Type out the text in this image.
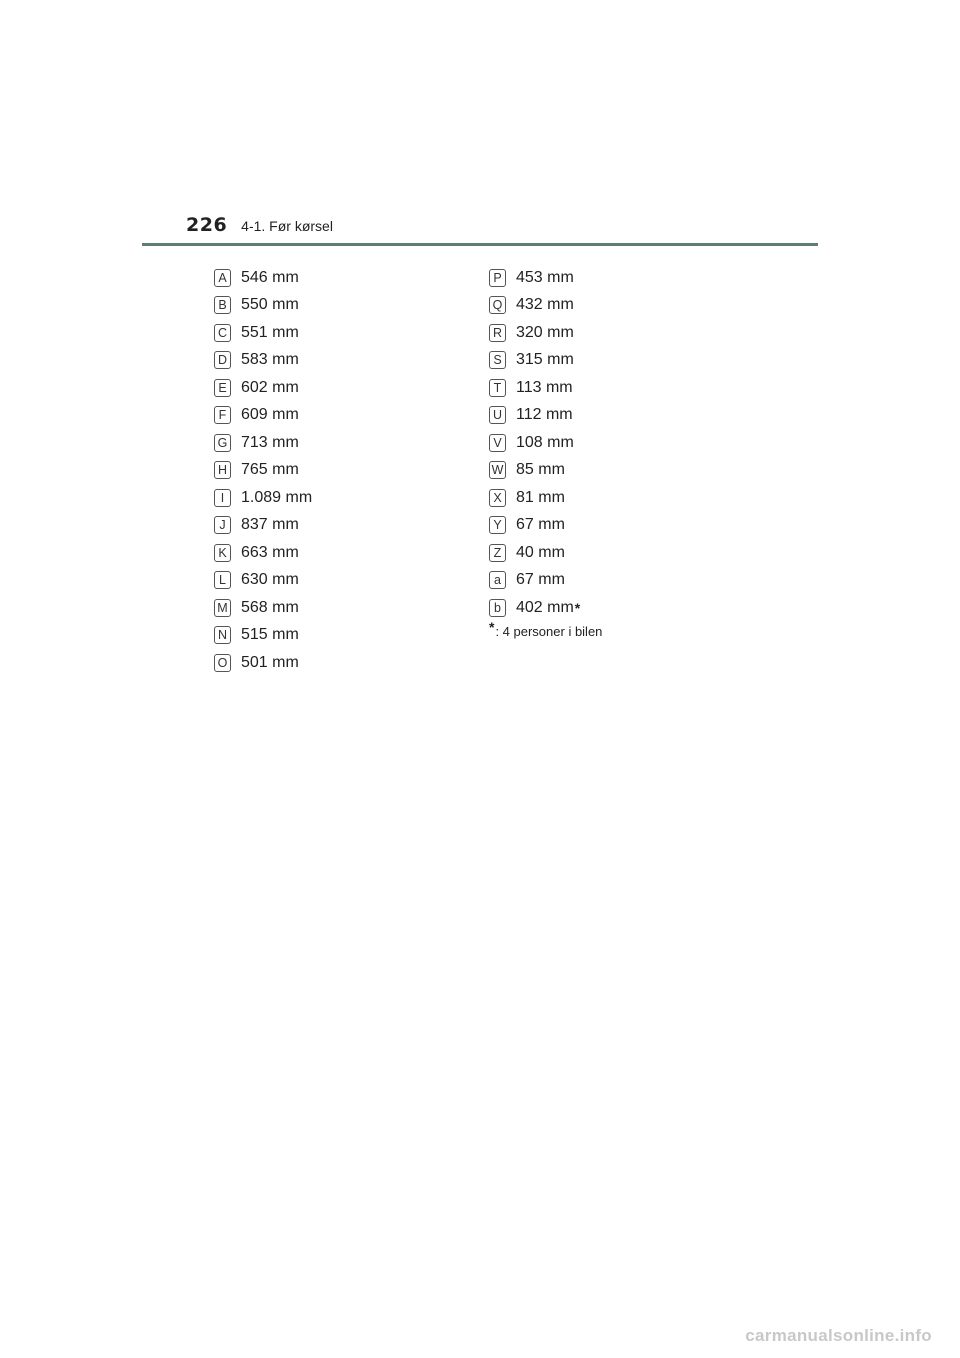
226 4-1. Før kørsel
A 546 mm
B 550 mm
C 551 mm
D 583 mm
E 602 mm
F 609 mm
G 713 mm
H 765 mm
I	1.089 mm
J 837 mm
K 663 mm
L 630 mm
M 568 mm
N 515 mm
O 501 mm
P 453 mm
Q 432 mm
R 320 mm
S 315 mm
T 113 mm
U 112 mm
V 108 mm
W 85 mm
X 81 mm
Y 67 mm
Z 40 mm
a 67 mm
b 402 mm *
* : 4 personer i bilen
carmanualsonline.info
